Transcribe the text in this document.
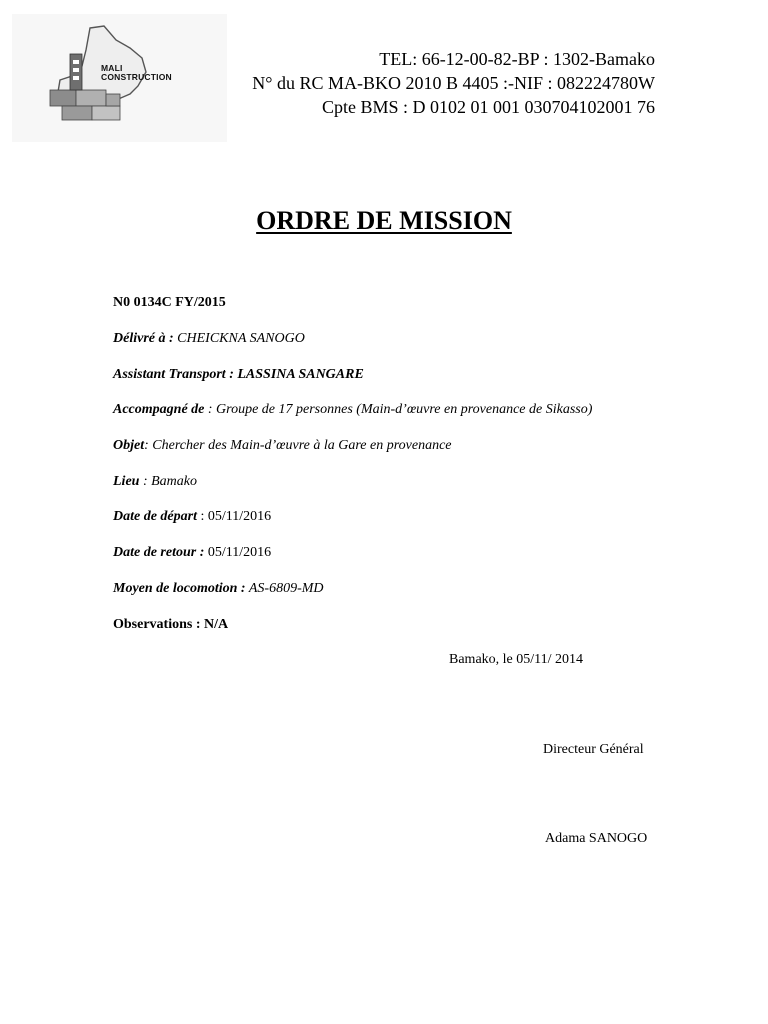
MALI
CONSTRUCTION
TEL: 66-12-00-82-BP : 1302-Bamako
N° du RC MA-BKO 2010 B 4405 :-NIF : 082224780W
Cpte BMS : D 0102 01 001 030704102001 76
ORDRE DE MISSION
N0 0134C FY/2015
Délivré à : CHEICKNA SANOGO
Assistant Transport : LASSINA SANGARE
Accompagné de : Groupe de 17 personnes (Main-d’œuvre en provenance de Sikasso)
Objet: Chercher des Main-d’œuvre à la Gare en provenance
Lieu : Bamako
Date de départ : 05/11/2016
Date de retour : 05/11/2016
Moyen de locomotion : AS-6809-MD
Observations : N/A
Bamako, le 05/11/ 2014
Directeur Général
Adama SANOGO
